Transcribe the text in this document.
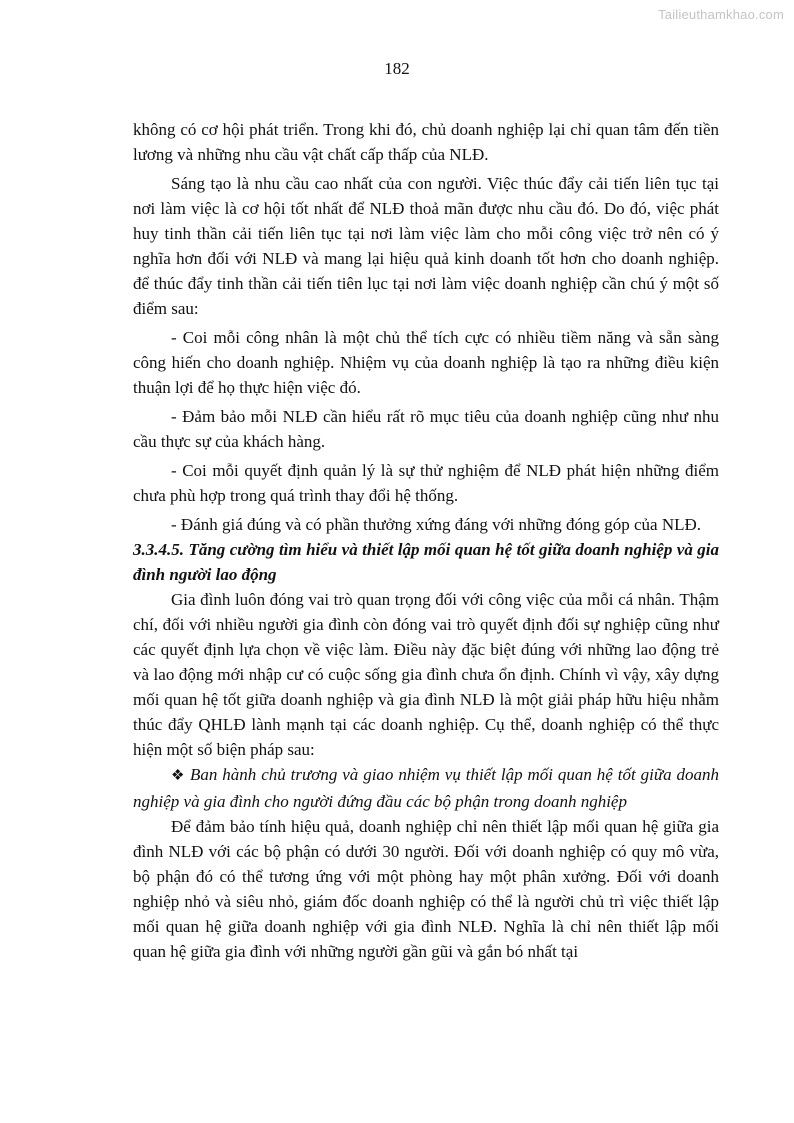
Tailieuthamkhao.com
182

không có cơ hội phát triển. Trong khi đó, chủ doanh nghiệp lại chỉ quan tâm đến tiền lương và những nhu cầu vật chất cấp thấp của NLĐ.

Sáng tạo là nhu cầu cao nhất của con người. Việc thúc đẩy cải tiến liên tục tại nơi làm việc là cơ hội tốt nhất để NLĐ thoả mãn được nhu cầu đó. Do đó, việc phát huy tinh thần cải tiến liên tục tại nơi làm việc làm cho mỗi công việc trở nên có ý nghĩa hơn đối với NLĐ và mang lại hiệu quả kinh doanh tốt hơn cho doanh nghiệp. để thúc đẩy tinh thần cải tiến tiên lục tại nơi làm việc doanh nghiệp cần chú ý một số điểm sau:

- Coi mỗi công nhân là một chủ thể tích cực có nhiều tiềm năng và sẵn sàng công hiến cho doanh nghiệp. Nhiệm vụ của doanh nghiệp là tạo ra những điều kiện thuận lợi để họ thực hiện việc đó.

- Đảm bảo mỗi NLĐ cần hiểu rất rõ mục tiêu của doanh nghiệp cũng như nhu cầu thực sự của khách hàng.

- Coi mỗi quyết định quản lý là sự thử nghiệm để NLĐ phát hiện những điểm chưa phù hợp trong quá trình thay đổi hệ thống.

- Đánh giá đúng và có phần thưởng xứng đáng với những đóng góp của NLĐ.

3.3.4.5. Tăng cường tìm hiểu và thiết lập mối quan hệ tốt giữa doanh nghiệp và gia đình người lao động

Gia đình luôn đóng vai trò quan trọng đối với công việc của mỗi cá nhân. Thậm chí, đối với nhiều người gia đình còn đóng vai trò quyết định đối sự nghiệp cũng như các quyết định lựa chọn về việc làm. Điều này đặc biệt đúng với những lao động trẻ và lao động mới nhập cư có cuộc sống gia đình chưa ổn định. Chính vì vậy, xây dựng mối quan hệ tốt giữa doanh nghiệp và gia đình NLĐ là một giải pháp hữu hiệu nhằm thúc đẩy QHLĐ lành mạnh tại các doanh nghiệp. Cụ thể, doanh nghiệp có thể thực hiện một số biện pháp sau:

❖ Ban hành chủ trương và giao nhiệm vụ thiết lập mối quan hệ tốt giữa doanh nghiệp và gia đình cho người đứng đầu các bộ phận trong doanh nghiệp

Để đảm bảo tính hiệu quả, doanh nghiệp chỉ nên thiết lập mối quan hệ giữa gia đình NLĐ với các bộ phận có dưới 30 người. Đối với doanh nghiệp có quy mô vừa, bộ phận đó có thể tương ứng với một phòng hay một phân xưởng. Đối với doanh nghiệp nhỏ và siêu nhỏ, giám đốc doanh nghiệp có thể là người chủ trì việc thiết lập mối quan hệ giữa doanh nghiệp với gia đình NLĐ. Nghĩa là chỉ nên thiết lập mối quan hệ giữa gia đình với những người gần gũi và gắn bó nhất tại
